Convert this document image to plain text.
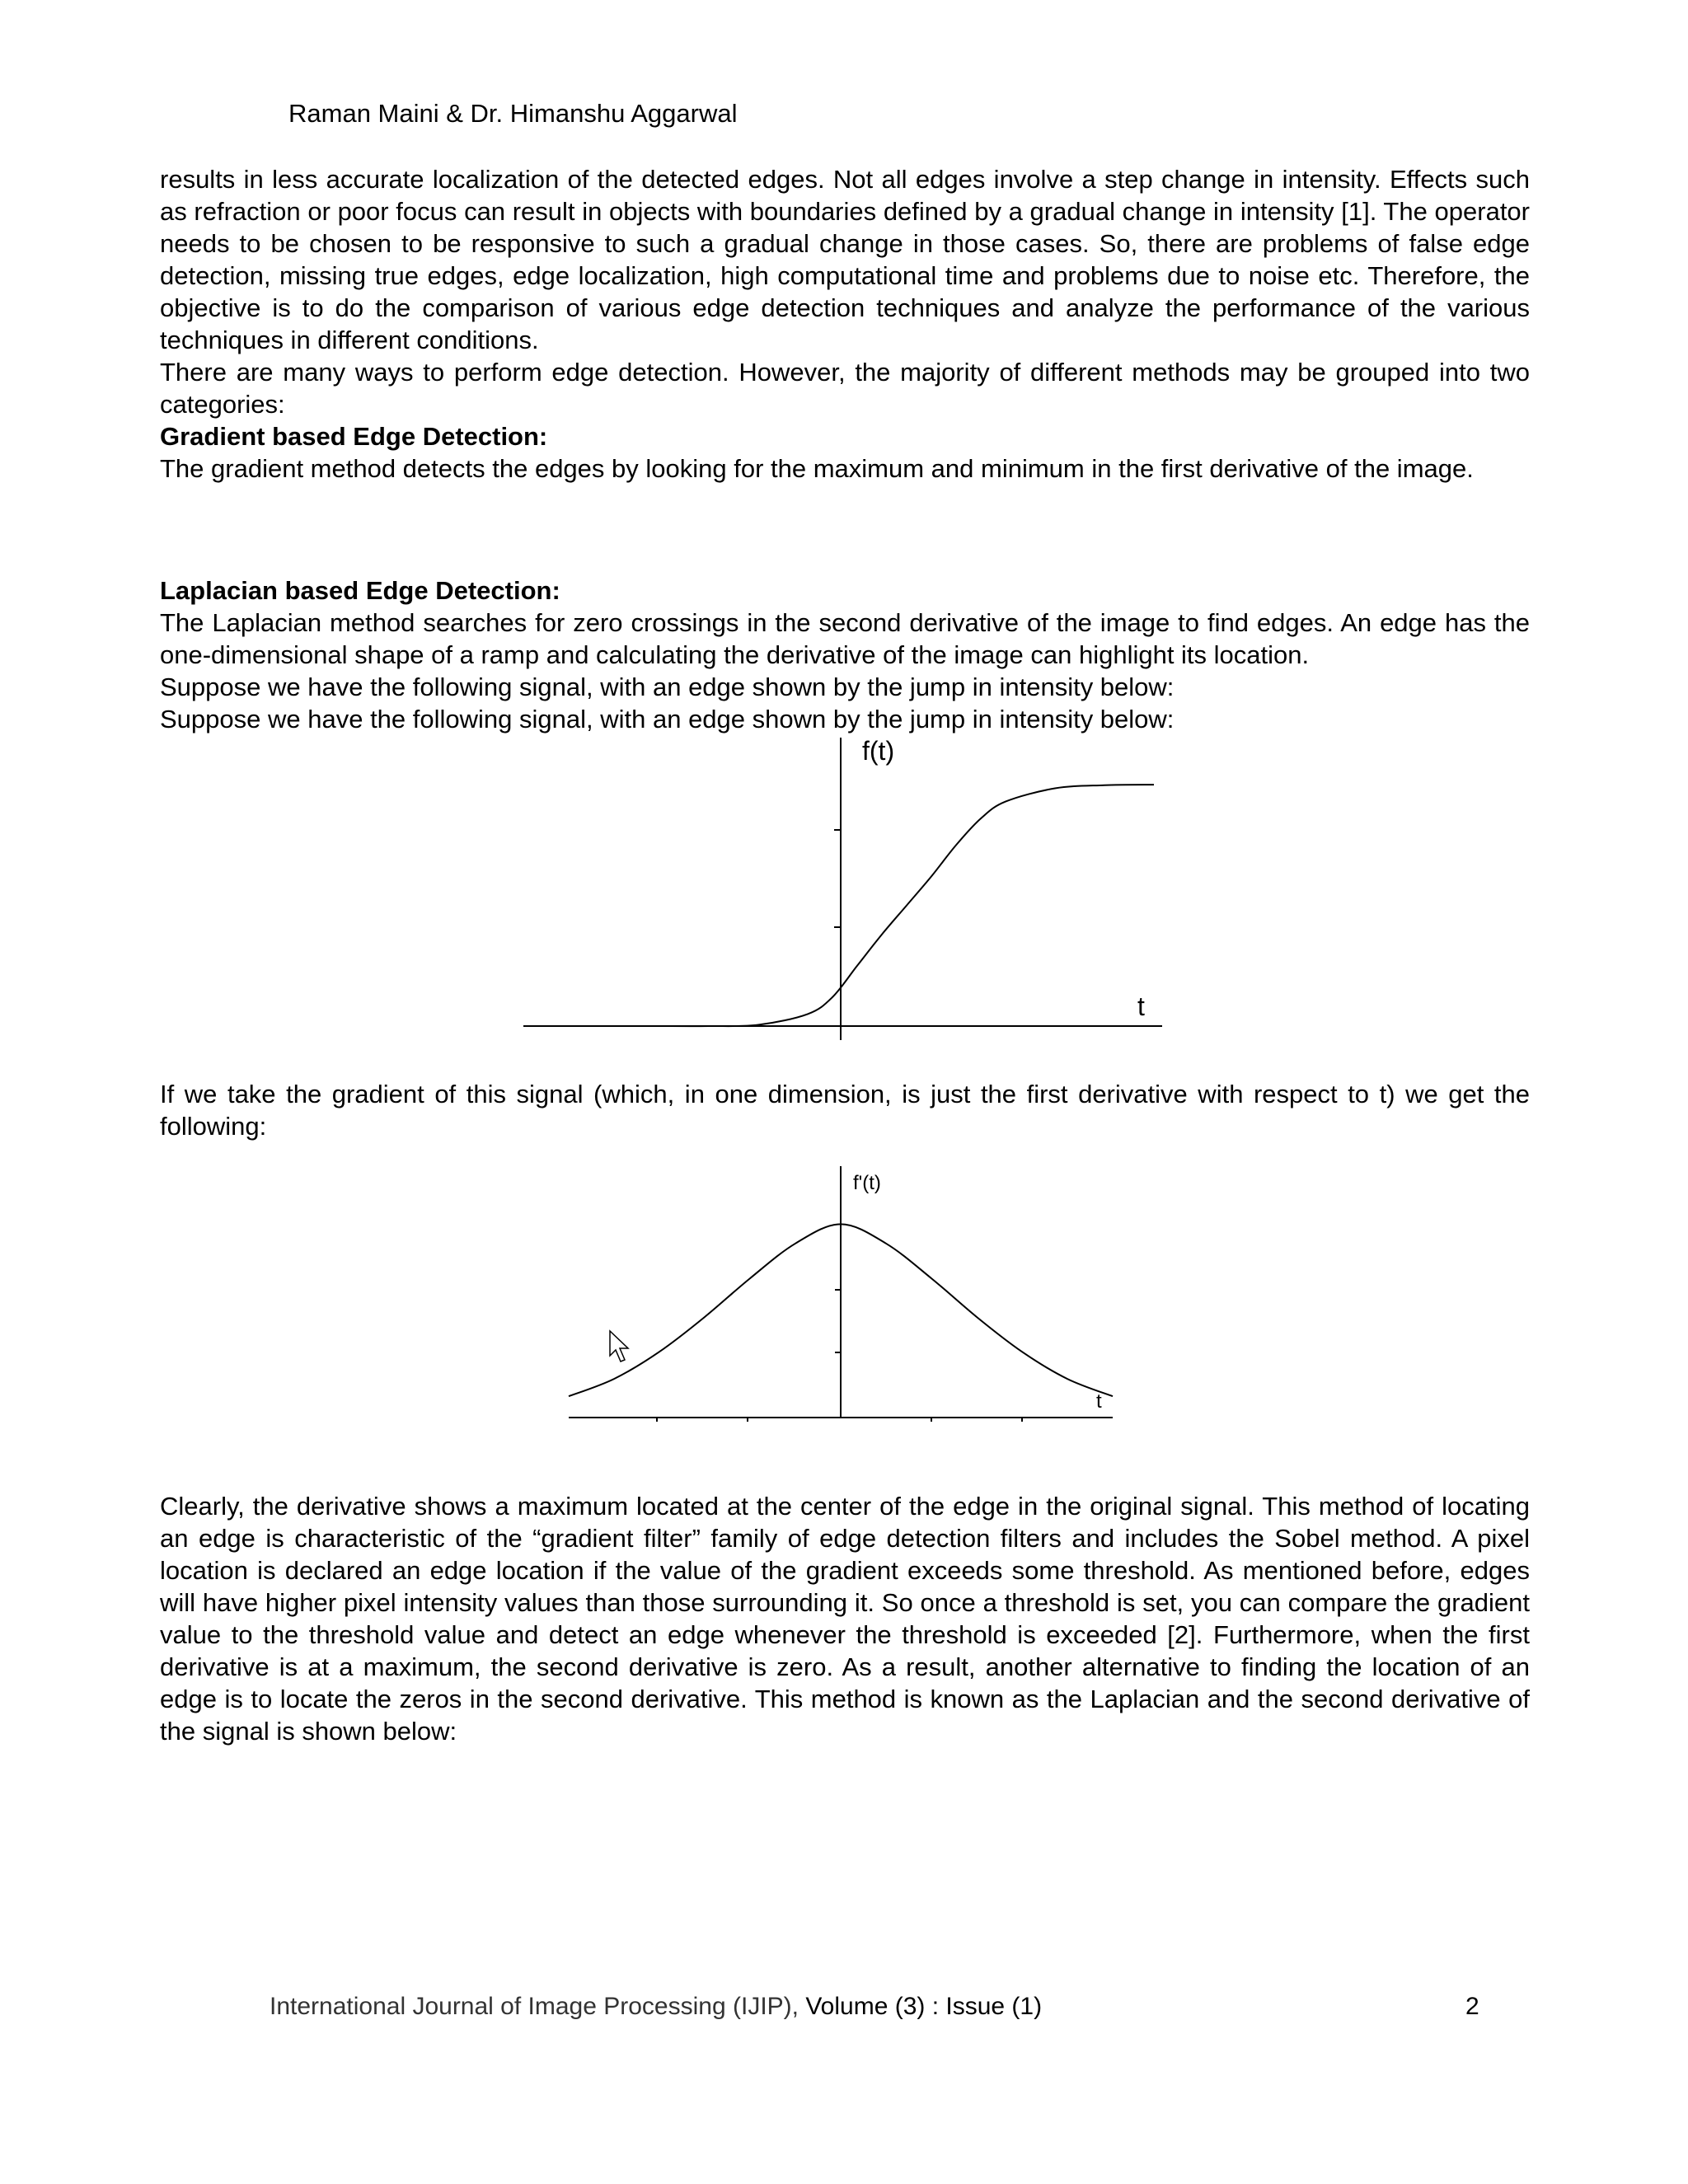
Raman Maini & Dr. Himanshu Aggarwal

results in less accurate localization of the detected edges. Not all edges involve a step change in intensity. Effects such as refraction or poor focus can result in objects with boundaries defined by a gradual change in intensity [1]. The operator needs to be chosen to be responsive to such a gradual change in those cases. So, there are problems of false edge detection, missing true edges, edge localization, high computational time and problems due to noise etc. Therefore, the objective is to do the comparison of various edge detection techniques and analyze the performance of the various techniques in different conditions.

There are many ways to perform edge detection. However, the majority of different methods may be grouped into two categories:

Gradient based Edge Detection:

The gradient method detects the edges by looking for the maximum and minimum in the first derivative of the image.

Laplacian based Edge Detection:

The Laplacian method searches for zero crossings in the second derivative of the image to find edges. An edge has the one-dimensional shape of a ramp and calculating the derivative of the image can highlight its location.

Suppose we have the following signal, with an edge shown by the jump in intensity below:

Suppose we have the following signal, with an edge shown by the jump in intensity below:

f(t)
t
If we take the gradient of this signal (which, in one dimension, is just the first derivative with respect to t) we get the following:
f'(t)
t
Clearly, the derivative shows a maximum located at the center of the edge in the original signal. This method of locating an edge is characteristic of the “gradient filter” family of edge detection filters and includes the Sobel method. A pixel location is declared an edge location if the value of the gradient exceeds some threshold. As mentioned before, edges will have higher pixel intensity values than those surrounding it. So once a threshold is set, you can compare the gradient value to the threshold value and detect an edge whenever the threshold is exceeded [2]. Furthermore, when the first derivative is at a maximum, the second derivative is zero. As a result, another alternative to finding the location of an edge is to locate the zeros in the second derivative. This method is known as the Laplacian and the second derivative of the signal is shown below:
International Journal of Image Processing (IJIP), Volume (3) : Issue (1)	2
